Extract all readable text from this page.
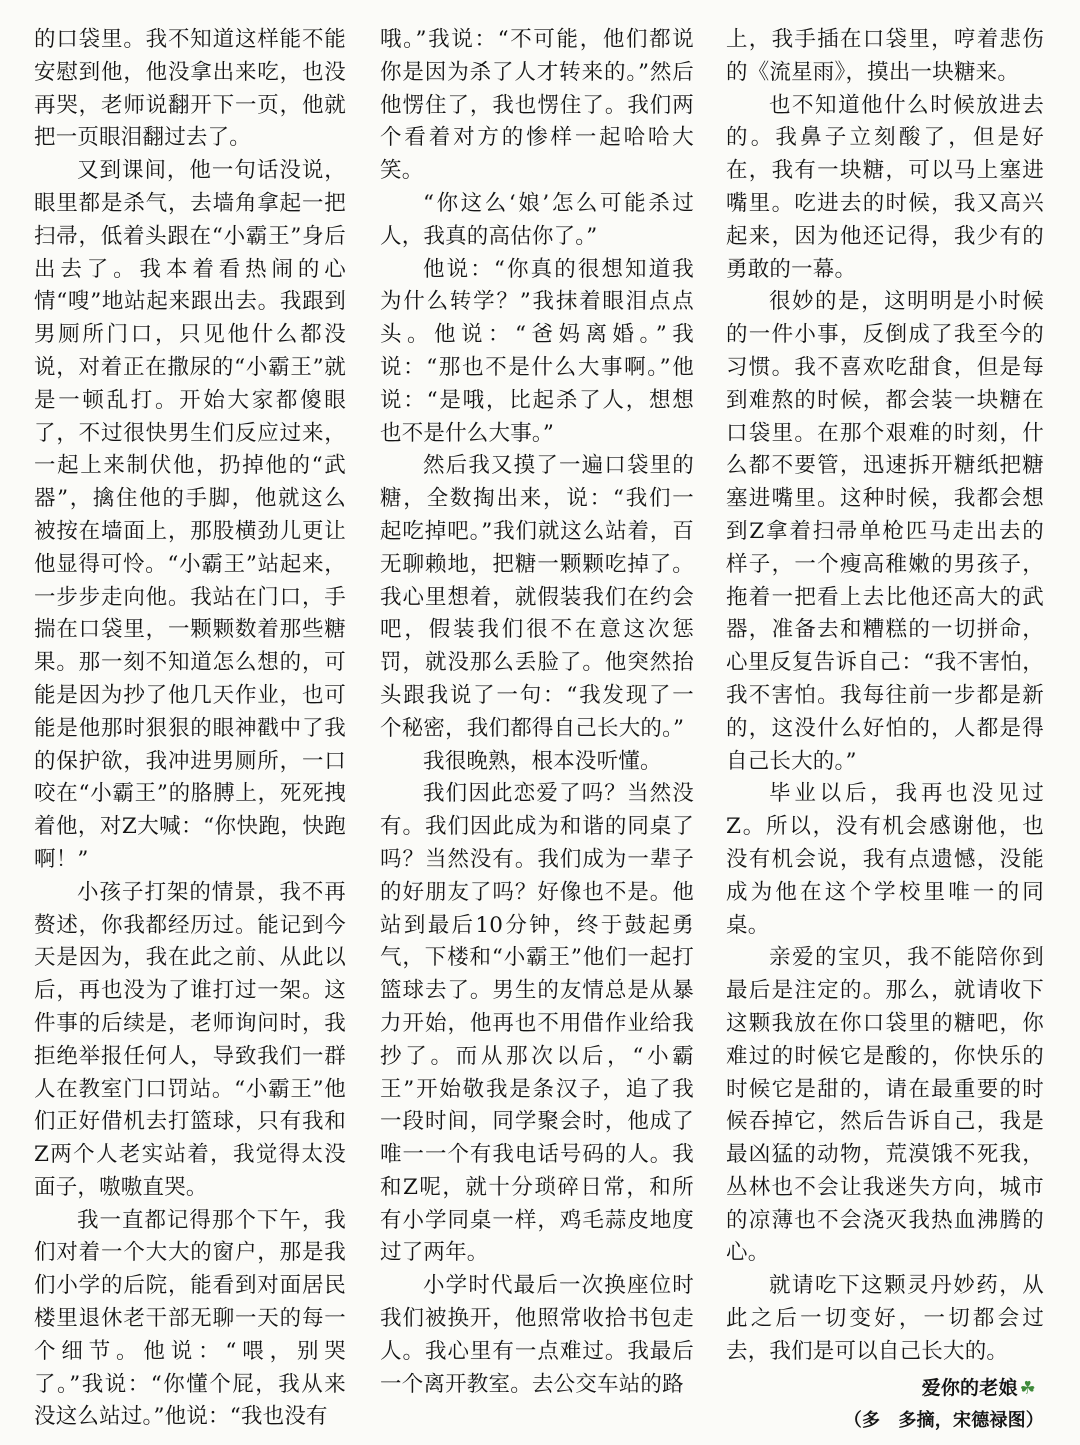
的口袋里。我不知道这样能不能安慰到他，他没拿出来吃，也没再哭，老师说翻开下一页，他就把一页眼泪翻过去了。

又到课间，他一句话没说，眼里都是杀气，去墙角拿起一把扫帚，低着头跟在“小霸王”身后出去了。我本着看热闹的心情“嗖”地站起来跟出去。我跟到男厕所门口，只见他什么都没说，对着正在撒尿的“小霸王”就是一顿乱打。开始大家都傻眼了，不过很快男生们反应过来，一起上来制伏他，扔掉他的“武器”，擒住他的手脚，他就这么被按在墙面上，那股横劲儿更让他显得可怜。“小霸王”站起来，一步步走向他。我站在门口，手揣在口袋里，一颗颗数着那些糖果。那一刻不知道怎么想的，可能是因为抄了他几天作业，也可能是他那时狠狠的眼神戳中了我的保护欲，我冲进男厕所，一口咬在“小霸王”的胳膊上，死死拽着他，对Z大喊：“你快跑，快跑啊！”

小孩子打架的情景，我不再赘述，你我都经历过。能记到今天是因为，我在此之前、从此以后，再也没为了谁打过一架。这件事的后续是，老师询问时，我拒绝举报任何人，导致我们一群人在教室门口罚站。“小霸王”他们正好借机去打篮球，只有我和Z两个人老实站着，我觉得太没面子，嗷嗷直哭。

我一直都记得那个下午，我们对着一个大大的窗户，那是我们小学的后院，能看到对面居民楼里退休老干部无聊一天的每一个细节。他说：“喂，别哭了。”我说：“你懂个屁，我从来没这么站过。”他说：“我也没有

哦。”我说：“不可能，他们都说你是因为杀了人才转来的。”然后他愣住了，我也愣住了。我们两个看着对方的惨样一起哈哈大笑。

“你这么‘娘’怎么可能杀过人，我真的高估你了。”

他说：“你真的很想知道我为什么转学？”我抹着眼泪点点头。他说：“爸妈离婚。”我说：“那也不是什么大事啊。”他说：“是哦，比起杀了人，想想也不是什么大事。”

然后我又摸了一遍口袋里的糖，全数掏出来，说：“我们一起吃掉吧。”我们就这么站着，百无聊赖地，把糖一颗颗吃掉了。我心里想着，就假装我们在约会吧，假装我们很不在意这次惩罚，就没那么丢脸了。他突然抬头跟我说了一句：“我发现了一个秘密，我们都得自己长大的。”

我很晚熟，根本没听懂。

我们因此恋爱了吗？当然没有。我们因此成为和谐的同桌了吗？当然没有。我们成为一辈子的好朋友了吗？好像也不是。他站到最后10分钟，终于鼓起勇气，下楼和“小霸王”他们一起打篮球去了。男生的友情总是从暴力开始，他再也不用借作业给我抄了。而从那次以后，“小霸王”开始敬我是条汉子，追了我一段时间，同学聚会时，他成了唯一一个有我电话号码的人。我和Z呢，就十分琐碎日常，和所有小学同桌一样，鸡毛蒜皮地度过了两年。

小学时代最后一次换座位时我们被换开，他照常收拾书包走人。我心里有一点难过。我最后一个离开教室。去公交车站的路

上，我手插在口袋里，哼着悲伤的《流星雨》，摸出一块糖来。

也不知道他什么时候放进去的。我鼻子立刻酸了，但是好在，我有一块糖，可以马上塞进嘴里。吃进去的时候，我又高兴起来，因为他还记得，我少有的勇敢的一幕。

很妙的是，这明明是小时候的一件小事，反倒成了我至今的习惯。我不喜欢吃甜食，但是每到难熬的时候，都会装一块糖在口袋里。在那个艰难的时刻，什么都不要管，迅速拆开糖纸把糖塞进嘴里。这种时候，我都会想到Z拿着扫帚单枪匹马走出去的样子，一个瘦高稚嫩的男孩子，拖着一把看上去比他还高大的武器，准备去和糟糕的一切拼命，心里反复告诉自己：“我不害怕，我不害怕。我每往前一步都是新的，这没什么好怕的，人都是得自己长大的。”

毕业以后，我再也没见过Z。所以，没有机会感谢他，也没有机会说，我有点遗憾，没能成为他在这个学校里唯一的同桌。

亲爱的宝贝，我不能陪你到最后是注定的。那么，就请收下这颗我放在你口袋里的糖吧，你难过的时候它是酸的，你快乐的时候它是甜的，请在最重要的时候吞掉它，然后告诉自己，我是最凶猛的动物，荒漠饿不死我，丛林也不会让我迷失方向，城市的凉薄也不会浇灭我热血沸腾的心。

就请吃下这颗灵丹妙药，从此之后一切变好，一切都会过去，我们是可以自己长大的。

爱你的老娘 ☘
（多　多摘，宋德禄图）
